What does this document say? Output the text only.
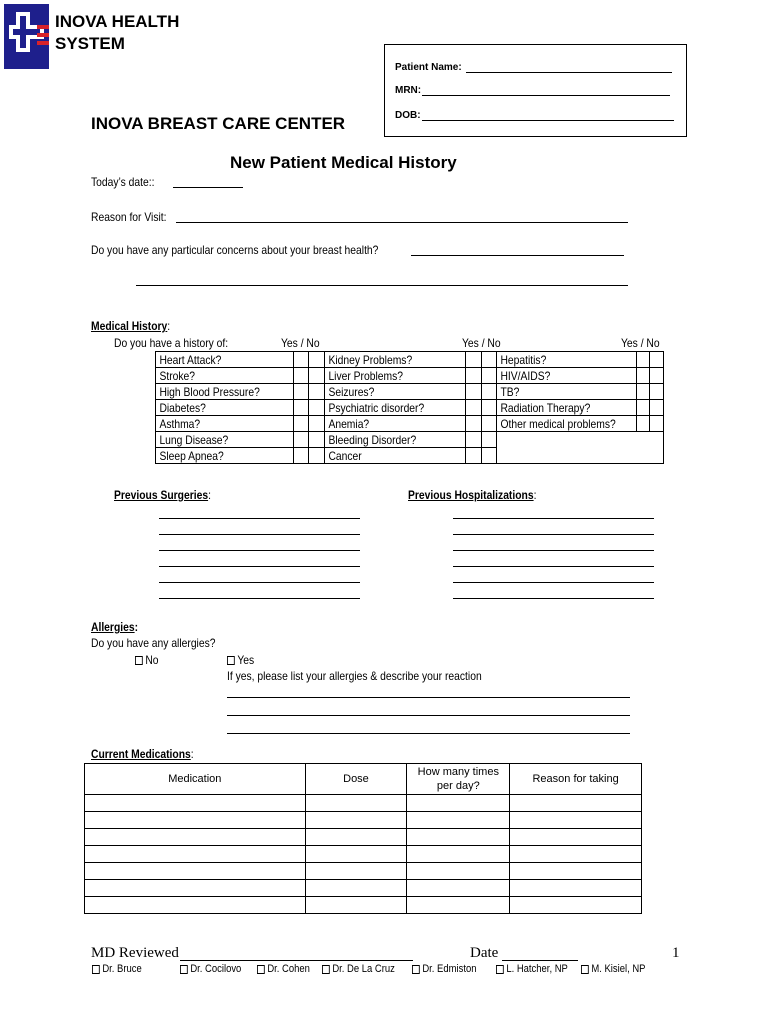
INOVA HEALTH
SYSTEM
Patient Name:
MRN:
DOB:
INOVA BREAST CARE CENTER
New Patient Medical History
Today’s date::
Reason for Visit:
Do you have any particular concerns about your breast health?
Medical History:
Do you have a history of:	Yes / No	Yes / No	Yes / No
Heart Attack?			Kidney Problems?			Hepatitis?		

Stroke?			Liver Problems?			HIV/AIDS?		

High Blood Pressure?			Seizures?			TB?		

Diabetes?			Psychiatric disorder?			Radiation Therapy?		

Asthma?			Anemia?			Other medical problems?		

Lung Disease?			Bleeding Disorder?					

Sleep Apnea?			Cancer					

Previous Surgeries:	Previous Hospitalizations:
Allergies:
Do you have any allergies?
No	Yes
If yes, please list your allergies & describe your reaction
Current Medications:
Medication	Dose	How many times per day?	Reason for taking

MD Reviewed	Date	1
Dr. Bruce	Dr. Cocilovo	Dr. Cohen	Dr. De La Cruz	Dr. Edmiston	L. Hatcher, NP	M. Kisiel, NP
